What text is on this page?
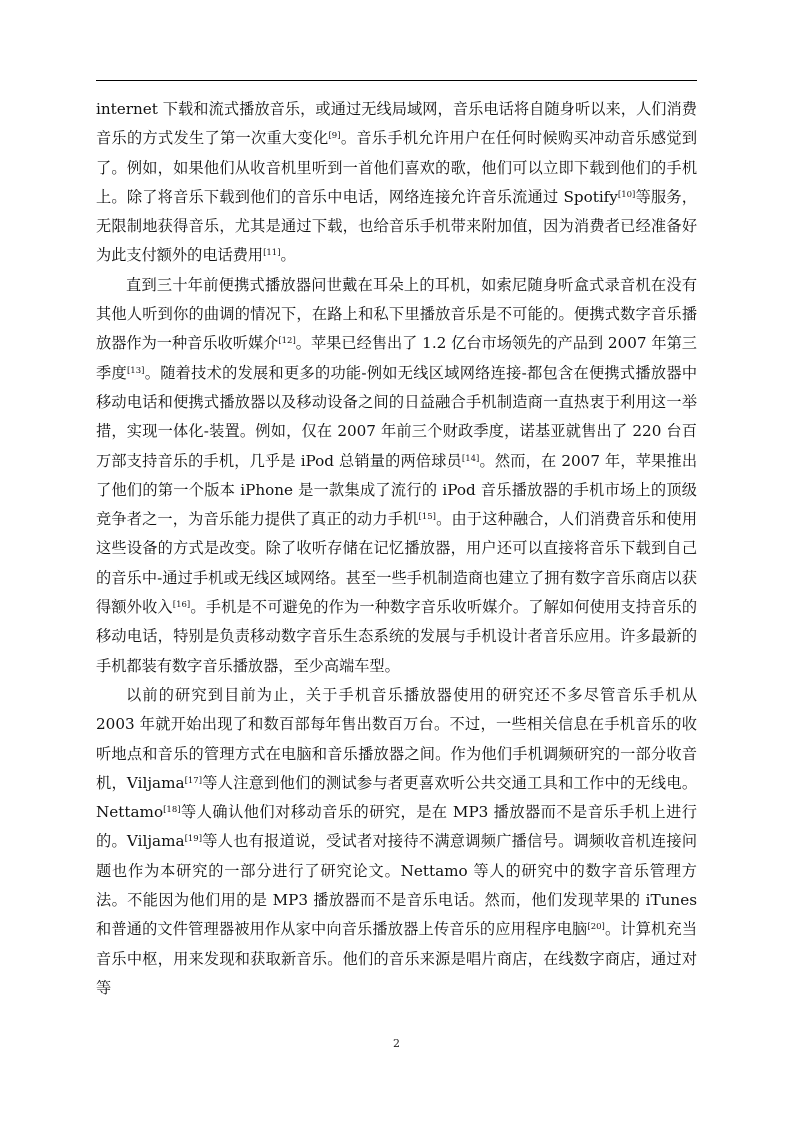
internet 下载和流式播放音乐，或通过无线局域网，音乐电话将自随身听以来，人们消费音乐的方式发生了第一次重大变化[9]。音乐手机允许用户在任何时候购买冲动音乐感觉到了。例如，如果他们从收音机里听到一首他们喜欢的歌，他们可以立即下载到他们的手机上。除了将音乐下载到他们的音乐中电话，网络连接允许音乐流通过 Spotify[10]等服务，无限制地获得音乐，尤其是通过下载，也给音乐手机带来附加值，因为消费者已经准备好为此支付额外的电话费用[11]。

直到三十年前便携式播放器问世戴在耳朵上的耳机，如索尼随身听盒式录音机在没有其他人听到你的曲调的情况下，在路上和私下里播放音乐是不可能的。便携式数字音乐播放器作为一种音乐收听媒介[12]。苹果已经售出了 1.2 亿台市场领先的产品到 2007 年第三季度[13]。随着技术的发展和更多的功能-例如无线区域网络连接-都包含在便携式播放器中移动电话和便携式播放器以及移动设备之间的日益融合手机制造商一直热衷于利用这一举措，实现一体化-装置。例如，仅在 2007 年前三个财政季度，诺基亚就售出了 220 台百万部支持音乐的手机，几乎是 iPod 总销量的两倍球员[14]。然而，在 2007 年，苹果推出了他们的第一个版本 iPhone 是一款集成了流行的 iPod 音乐播放器的手机市场上的顶级竞争者之一，为音乐能力提供了真正的动力手机[15]。由于这种融合，人们消费音乐和使用这些设备的方式是改变。除了收听存储在记忆播放器，用户还可以直接将音乐下载到自己的音乐中-通过手机或无线区域网络。甚至一些手机制造商也建立了拥有数字音乐商店以获得额外收入[16]。手机是不可避免的作为一种数字音乐收听媒介。了解如何使用支持音乐的移动电话，特别是负责移动数字音乐生态系统的发展与手机设计者音乐应用。许多最新的手机都装有数字音乐播放器，至少高端车型。

以前的研究到目前为止，关于手机音乐播放器使用的研究还不多尽管音乐手机从 2003 年就开始出现了和数百部每年售出数百万台。不过，一些相关信息在手机音乐的收听地点和音乐的管理方式在电脑和音乐播放器之间。作为他们手机调频研究的一部分收音机，Viljama[17]等人注意到他们的测试参与者更喜欢听公共交通工具和工作中的无线电。Nettamo[18]等人确认他们对移动音乐的研究，是在 MP3 播放器而不是音乐手机上进行的。Viljama[19]等人也有报道说，受试者对接待不满意调频广播信号。调频收音机连接问题也作为本研究的一部分进行了研究论文。Nettamo 等人的研究中的数字音乐管理方法。不能因为他们用的是 MP3 播放器而不是音乐电话。然而，他们发现苹果的 iTunes 和普通的文件管理器被用作从家中向音乐播放器上传音乐的应用程序电脑[20]。计算机充当音乐中枢，用来发现和获取新音乐。他们的音乐来源是唱片商店，在线数字商店，通过对等

2
